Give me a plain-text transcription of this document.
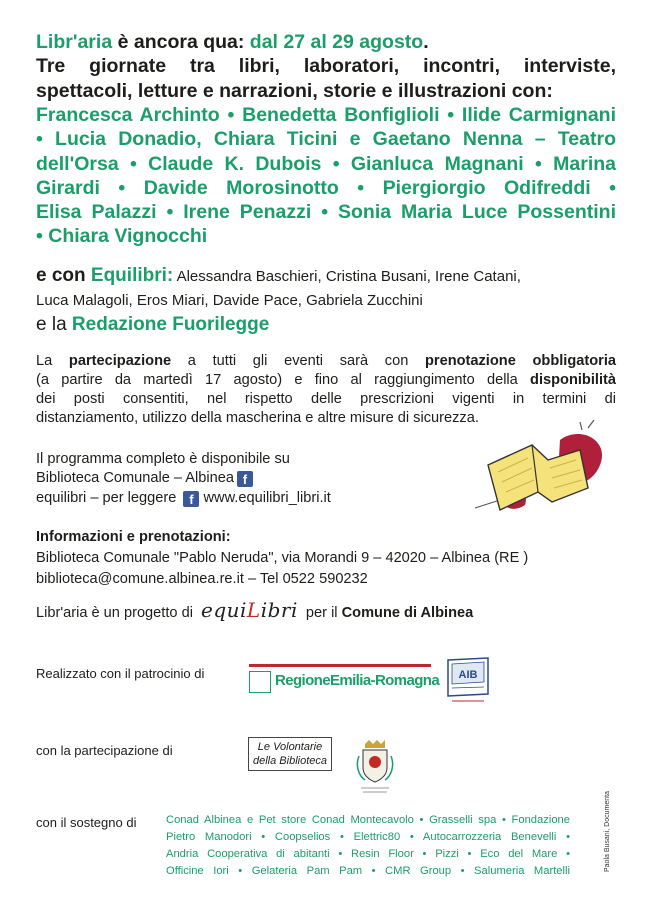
Libr'aria è ancora qua: dal 27 al 29 agosto.
Tre giornate tra libri, laboratori, incontri, interviste,
spettacoli, letture e narrazioni, storie e illustrazioni con:
Francesca Archinto • Benedetta Bonfiglioli • Ilide Carmignani
• Lucia Donadio, Chiara Ticini e Gaetano Nenna – Teatro
dell'Orsa • Claude K. Dubois • Gianluca Magnani • Marina
Girardi • Davide Morosinotto • Piergiorgio Odifreddi •
Elisa Palazzi • Irene Penazzi • Sonia Maria Luce Possentini
• Chiara Vignocchi
e con Equilibri: Alessandra Baschieri, Cristina Busani, Irene Catani,
Luca Malagoli, Eros Miari, Davide Pace, Gabriela Zucchini
e la Redazione Fuorilegge
La partecipazione a tutti gli eventi sarà con prenotazione obbligatoria
(a partire da martedì 17 agosto) e fino al raggiungimento della disponibilità
dei posti consentiti, nel rispetto delle prescrizioni vigenti in termini di
distanziamento, utilizzo della mascherina e altre misure di sicurezza.
Il programma completo è disponibile su
Biblioteca Comunale – Albinea f
equilibri – per leggere f www.equilibri_libri.it
Informazioni e prenotazioni:
Biblioteca Comunale "Pablo Neruda", via Morandi 9 – 42020 – Albinea (RE )
biblioteca@comune.albinea.re.it – Tel 0522 590232
Libr'aria è un progetto di equiLibri per il Comune di Albinea
Realizzato con il patrocinio di	RegioneEmilia-Romagna AIB
con la partecipazione di	Le Volontarie
della Biblioteca
con il sostegno di	Conad Albinea e Pet store Conad Montecavolo • Grasselli spa • Fondazione
Pietro Manodori • Coopselios • Elettric80 • Autocarrozzeria Benevelli •
Andria Cooperativa di abitanti • Resin Floor • Pizzi • Eco del Mare •
Officine Iori • Gelateria Pam Pam • CMR Group • Salumeria Martelli	Paola Busani, Documenta
